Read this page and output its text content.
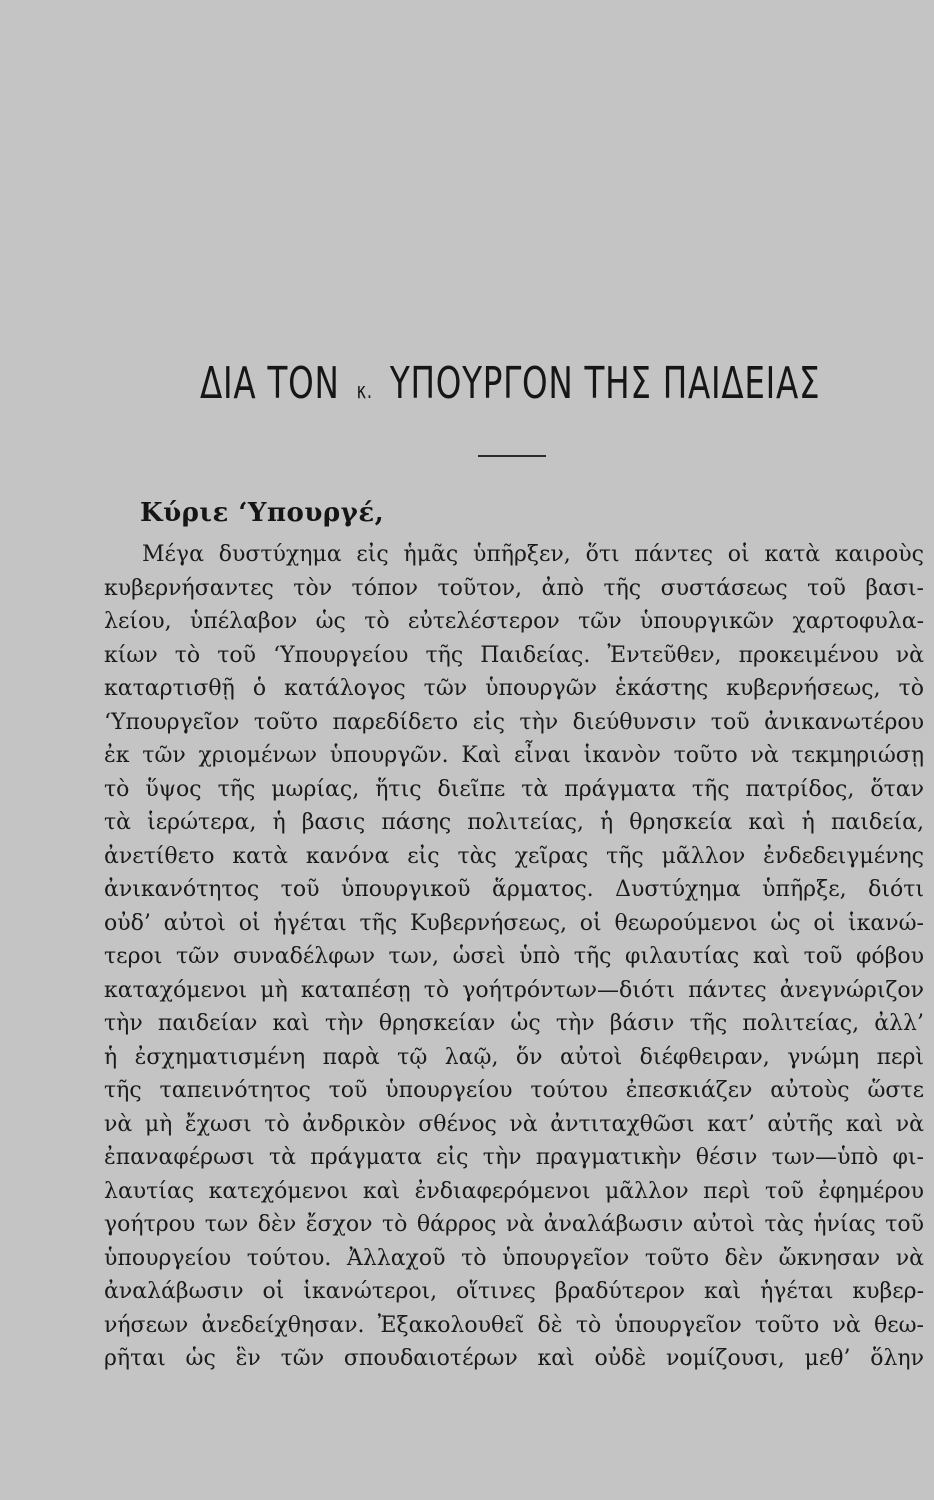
ΔΙΑ ΤΟΝ κ. ΥΠΟΥΡΓΟΝ ΤΗΣ ΠΑΙΔΕΙΑΣ

Κύριε ‘Υπουργέ,

Μέγα δυστύχημα εἰς ἡμᾶς ὑπῆρξεν, ὅτι πάντες οἱ κατὰ καιροὺς
κυβερνήσαντες τὸν τόπον τοῦτον, ἀπὸ τῆς συστάσεως τοῦ βασι-
λείου, ὑπέλαβον ὡς τὸ εὐτελέστερον τῶν ὑπουργικῶν χαρτοφυλα-
κίων τὸ τοῦ ‘Υπουργείου τῆς Παιδείας. Ἐντεῦθεν, προκειμένου νὰ
καταρτισθῇ ὁ κατάλογος τῶν ὑπουργῶν ἑκάστης κυβερνήσεως, τὸ
‘Υπουργεῖον τοῦτο παρεδίδετο εἰς τὴν διεύθυνσιν τοῦ ἀνικανωτέρου
ἐκ τῶν χριομένων ὑπουργῶν. Καὶ εἶναι ἱκανὸν τοῦτο νὰ τεκμηριώσῃ
τὸ ὕψος τῆς μωρίας, ἥτις διεῖπε τὰ πράγματα τῆς πατρίδος, ὅταν
τὰ ἱερώτερα, ἡ βασις πάσης πολιτείας, ἡ θρησκεία καὶ ἡ παιδεία,
ἀνετίθετο κατὰ κανόνα εἰς τὰς χεῖρας τῆς μᾶλλον ἐνδεδειγμένης
ἀνικανότητος τοῦ ὑπουργικοῦ ἅρματος. Δυστύχημα ὑπῆρξε, διότι
οὐδ’ αὐτοὶ οἱ ἡγέται τῆς Κυβερνήσεως, οἱ θεωρούμενοι ὡς οἱ ἱκανώ-
τεροι τῶν συναδέλφων των, ὡσεὶ ὑπὸ τῆς φιλαυτίας καὶ τοῦ φόβου
καταχόμενοι μὴ καταπέσῃ τὸ γοήτρόντων—διότι πάντες ἀνεγνώριζον
τὴν παιδείαν καὶ τὴν θρησκείαν ὡς τὴν βάσιν τῆς πολιτείας, ἀλλ’
ἡ ἐσχηματισμένη παρὰ τῷ λαῷ, ὅν αὐτοὶ διέφθειραν, γνώμη περὶ
τῆς ταπεινότητος τοῦ ὑπουργείου τούτου ἐπεσκιάζεν αὐτοὺς ὥστε
νὰ μὴ ἔχωσι τὸ ἀνδρικὸν σθένος νὰ ἀντιταχθῶσι κατ’ αὐτῆς καὶ νὰ
ἐπαναφέρωσι τὰ πράγματα εἰς τὴν πραγματικὴν θέσιν των—ὑπὸ φι-
λαυτίας κατεχόμενοι καὶ ἐνδιαφερόμενοι μᾶλλον περὶ τοῦ ἐφημέρου
γοήτρου των δὲν ἔσχον τὸ θάρρος νὰ ἀναλάβωσιν αὐτοὶ τὰς ἡνίας τοῦ
ὑπουργείου τούτου. Ἀλλαχοῦ τὸ ὑπουργεῖον τοῦτο δὲν ὤκνησαν νὰ
ἀναλάβωσιν οἱ ἱκανώτεροι, οἵτινες βραδύτερον καὶ ἡγέται κυβερ-
νήσεων ἀνεδείχθησαν. Ἐξακολουθεῖ δὲ τὸ ὑπουργεῖον τοῦτο νὰ θεω-
ρῆται ὡς ἓν τῶν σπουδαιοτέρων καὶ οὐδὲ νομίζουσι, μεθ’ ὅλην
